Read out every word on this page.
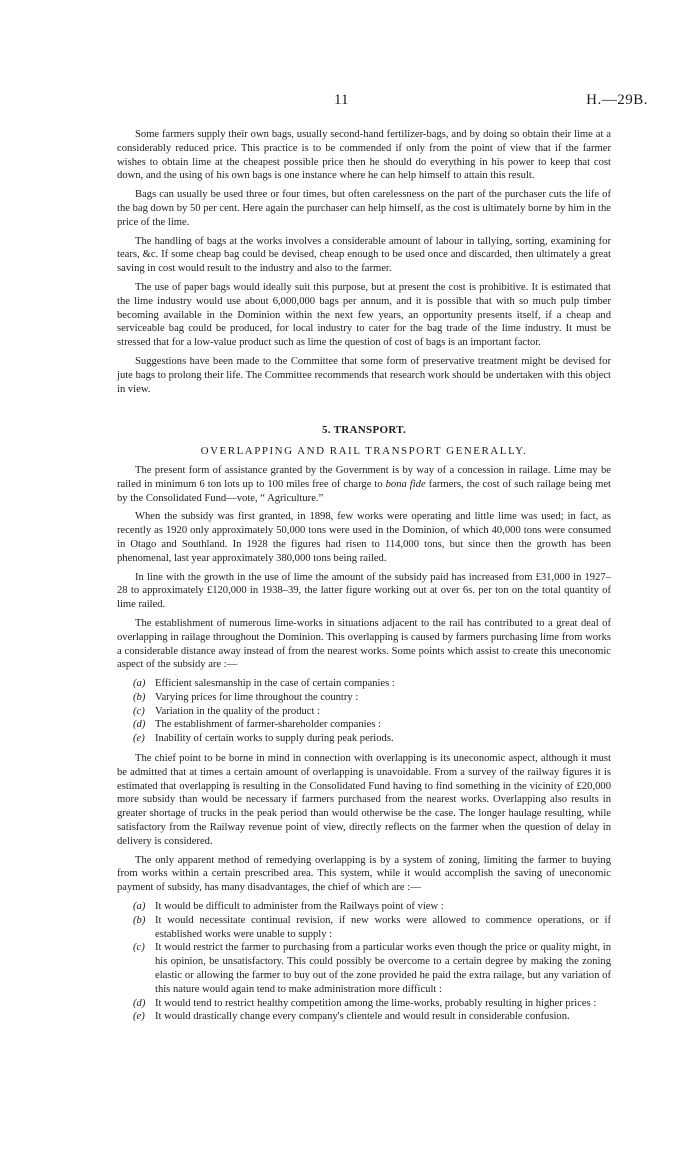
11	H.—29B.

Some farmers supply their own bags, usually second-hand fertilizer-bags, and by doing so obtain their lime at a considerably reduced price. This practice is to be commended if only from the point of view that if the farmer wishes to obtain lime at the cheapest possible price then he should do everything in his power to keep that cost down, and the using of his own bags is one instance where he can help himself to attain this result.

Bags can usually be used three or four times, but often carelessness on the part of the purchaser cuts the life of the bag down by 50 per cent. Here again the purchaser can help himself, as the cost is ultimately borne by him in the price of the lime.

The handling of bags at the works involves a considerable amount of labour in tallying, sorting, examining for tears, &c. If some cheap bag could be devised, cheap enough to be used once and discarded, then ultimately a great saving in cost would result to the industry and also to the farmer.

The use of paper bags would ideally suit this purpose, but at present the cost is prohibitive. It is estimated that the lime industry would use about 6,000,000 bags per annum, and it is possible that with so much pulp timber becoming available in the Dominion within the next few years, an opportunity presents itself, if a cheap and serviceable bag could be produced, for local industry to cater for the bag trade of the lime industry. It must be stressed that for a low-value product such as lime the question of cost of bags is an important factor.

Suggestions have been made to the Committee that some form of preservative treatment might be devised for jute bags to prolong their life. The Committee recommends that research work should be undertaken with this object in view.

5. TRANSPORT.
OVERLAPPING AND RAIL TRANSPORT GENERALLY.

The present form of assistance granted by the Government is by way of a concession in railage. Lime may be railed in minimum 6 ton lots up to 100 miles free of charge to bona fide farmers, the cost of such railage being met by the Consolidated Fund—vote, “ Agriculture.”

When the subsidy was first granted, in 1898, few works were operating and little lime was used; in fact, as recently as 1920 only approximately 50,000 tons were used in the Dominion, of which 40,000 tons were consumed in Otago and Southland. In 1928 the figures had risen to 114,000 tons, but since then the growth has been phenomenal, last year approximately 380,000 tons being railed.

In line with the growth in the use of lime the amount of the subsidy paid has increased from £31,000 in 1927–28 to approximately £120,000 in 1938–39, the latter figure working out at over 6s. per ton on the total quantity of lime railed.

The establishment of numerous lime-works in situations adjacent to the rail has contributed to a great deal of overlapping in railage throughout the Dominion. This overlapping is caused by farmers purchasing lime from works a considerable distance away instead of from the nearest works. Some points which assist to create this uneconomic aspect of the subsidy are :—

(a) Efficient salesmanship in the case of certain companies :
(b) Varying prices for lime throughout the country :
(c) Variation in the quality of the product :
(d) The establishment of farmer-shareholder companies :
(e) Inability of certain works to supply during peak periods.

The chief point to be borne in mind in connection with overlapping is its uneconomic aspect, although it must be admitted that at times a certain amount of overlapping is unavoidable. From a survey of the railway figures it is estimated that overlapping is resulting in the Consolidated Fund having to find something in the vicinity of £20,000 more subsidy than would be necessary if farmers purchased from the nearest works. Overlapping also results in greater shortage of trucks in the peak period than would otherwise be the case. The longer haulage resulting, while satisfactory from the Railway revenue point of view, directly reflects on the farmer when the question of delay in delivery is considered.

The only apparent method of remedying overlapping is by a system of zoning, limiting the farmer to buying from works within a certain prescribed area. This system, while it would accomplish the saving of uneconomic payment of subsidy, has many disadvantages, the chief of which are :—

(a) It would be difficult to administer from the Railways point of view :
(b) It would necessitate continual revision, if new works were allowed to commence operations, or if established works were unable to supply :
(c) It would restrict the farmer to purchasing from a particular works even though the price or quality might, in his opinion, be unsatisfactory. This could possibly be overcome to a certain degree by making the zoning elastic or allowing the farmer to buy out of the zone provided he paid the extra railage, but any variation of this nature would again tend to make administration more difficult :
(d) It would tend to restrict healthy competition among the lime-works, probably resulting in higher prices :
(e) It would drastically change every company's clientele and would result in considerable confusion.
